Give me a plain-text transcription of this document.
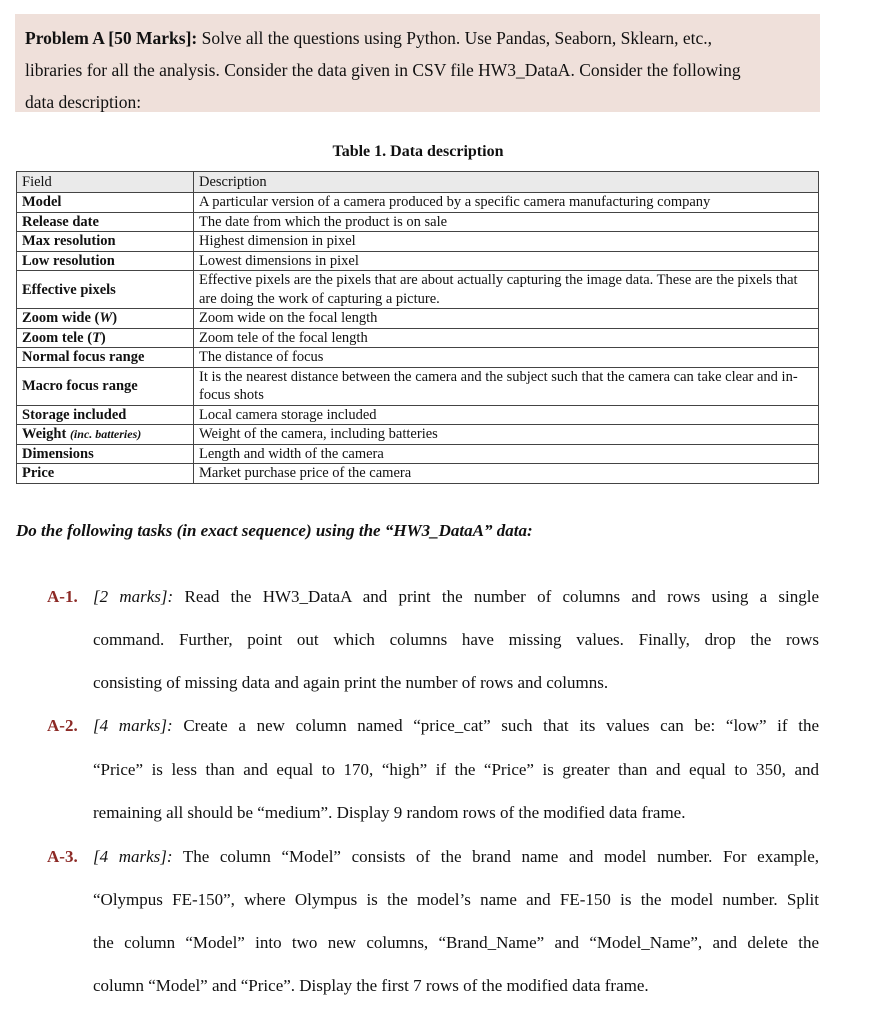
Problem A [50 Marks]: Solve all the questions using Python. Use Pandas, Seaborn, Sklearn, etc.,
libraries for all the analysis. Consider the data given in CSV file HW3_DataA. Consider the following
data description:
Table 1. Data description
Field	Description
Model	A particular version of a camera produced by a specific camera manufacturing company
Release date	The date from which the product is on sale
Max resolution	Highest dimension in pixel
Low resolution	Lowest dimensions in pixel
Effective pixels	Effective pixels are the pixels that are about actually capturing the image data. These are the pixels that are doing the work of capturing a picture.
Zoom wide (W)	Zoom wide on the focal length
Zoom tele (T)	Zoom tele of the focal length
Normal focus range	The distance of focus
Macro focus range	It is the nearest distance between the camera and the subject such that the camera can take clear and in-focus shots
Storage included	Local camera storage included
Weight (inc. batteries)	Weight of the camera, including batteries
Dimensions	Length and width of the camera
Price	Market purchase price of the camera
Do the following tasks (in exact sequence) using the “HW3_DataA” data:
A-1. [2 marks]: Read the HW3_DataA and print the number of columns and rows using a single
command. Further, point out which columns have missing values. Finally, drop the rows
consisting of missing data and again print the number of rows and columns.
A-2. [4 marks]: Create a new column named “price_cat” such that its values can be: “low” if the
“Price” is less than and equal to 170, “high” if the “Price” is greater than and equal to 350, and
remaining all should be “medium”. Display 9 random rows of the modified data frame.
A-3. [4 marks]: The column “Model” consists of the brand name and model number. For example,
“Olympus FE-150”, where Olympus is the model’s name and FE-150 is the model number. Split
the column “Model” into two new columns, “Brand_Name” and “Model_Name”, and delete the
column “Model” and “Price”. Display the first 7 rows of the modified data frame.
